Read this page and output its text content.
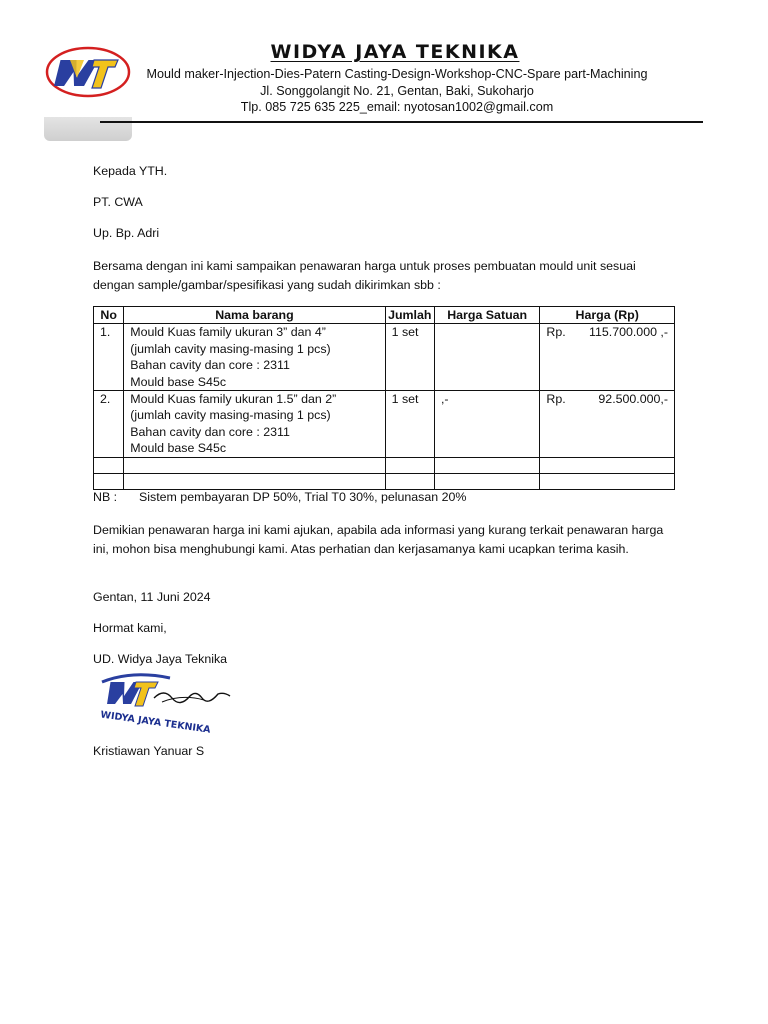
WIDYA JAYA TEKNIKA
Mould maker-Injection-Dies-Patern Casting-Design-Workshop-CNC-Spare part-Machining
Jl. Songgolangit No. 21, Gentan, Baki, Sukoharjo
Tlp. 085 725 635 225_email: nyotosan1002@gmail.com
Kepada YTH.
PT. CWA
Up. Bp. Adri
Bersama dengan ini kami sampaikan penawaran harga untuk proses pembuatan mould unit sesuai dengan sample/gambar/spesifikasi yang sudah dikirimkan sbb :
No	Nama barang	Jumlah	Harga Satuan	Harga (Rp)
1.	Mould Kuas family ukuran 3” dan 4”
(jumlah cavity masing-masing 1 pcs)
Bahan cavity dan core : 2311
Mould base S45c	1 set		Rp. 115.700.000 ,-

2.	Mould Kuas family ukuran 1.5” dan 2”
(jumlah cavity masing-masing 1 pcs)
Bahan cavity dan core : 2311
Mould base S45c	1 set	,-	Rp. 92.500.000,-

NB : Sistem pembayaran DP 50%, Trial T0 30%, pelunasan 20%
Demikian penawaran harga ini kami ajukan, apabila ada informasi yang kurang terkait penawaran harga ini, mohon bisa menghubungi kami. Atas perhatian dan kerjasamanya kami ucapkan terima kasih.
Gentan, 11 Juni 2024
Hormat kami,
UD. Widya Jaya Teknika
WIDYA JAYA TEKNIKA
Kristiawan Yanuar S
